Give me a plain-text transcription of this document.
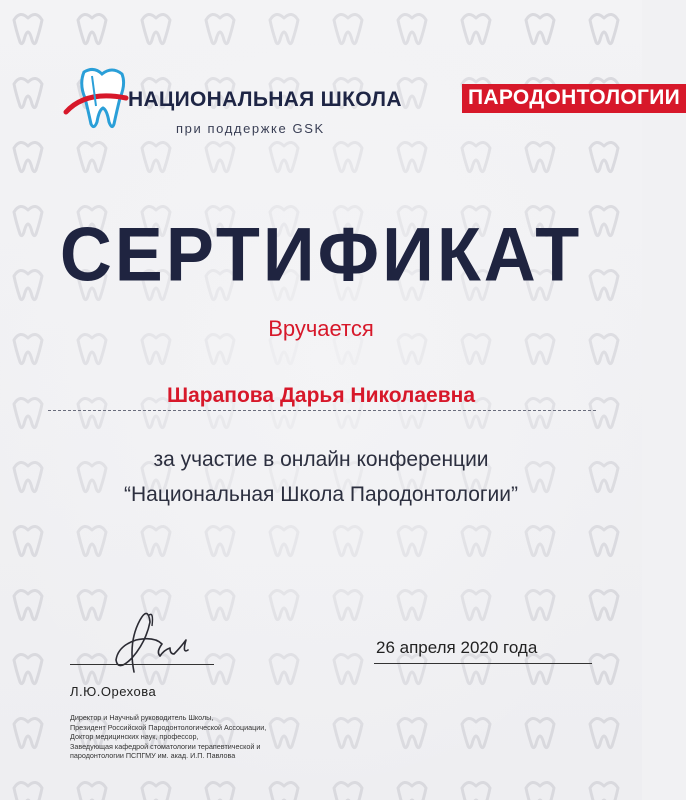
НАЦИОНАЛЬНАЯ ШКОЛА	ПАРОДОНТОЛОГИИ
при поддержке GSK
СЕРТИФИКАТ
Вручается
Шарапова Дарья Николаевна
за участие в онлайн конференции
“Национальная Школа Пародонтологии”
26 апреля 2020 года
Л.Ю.Орехова
Директор и Научный руководитель Школы,
Президент Российской Пародонтологической Ассоциации,
Доктор медицинских наук, профессор,
Заведующая кафедрой стоматологии терапевтической и
пародонтологии ПСПГМУ им. акад. И.П. Павлова
